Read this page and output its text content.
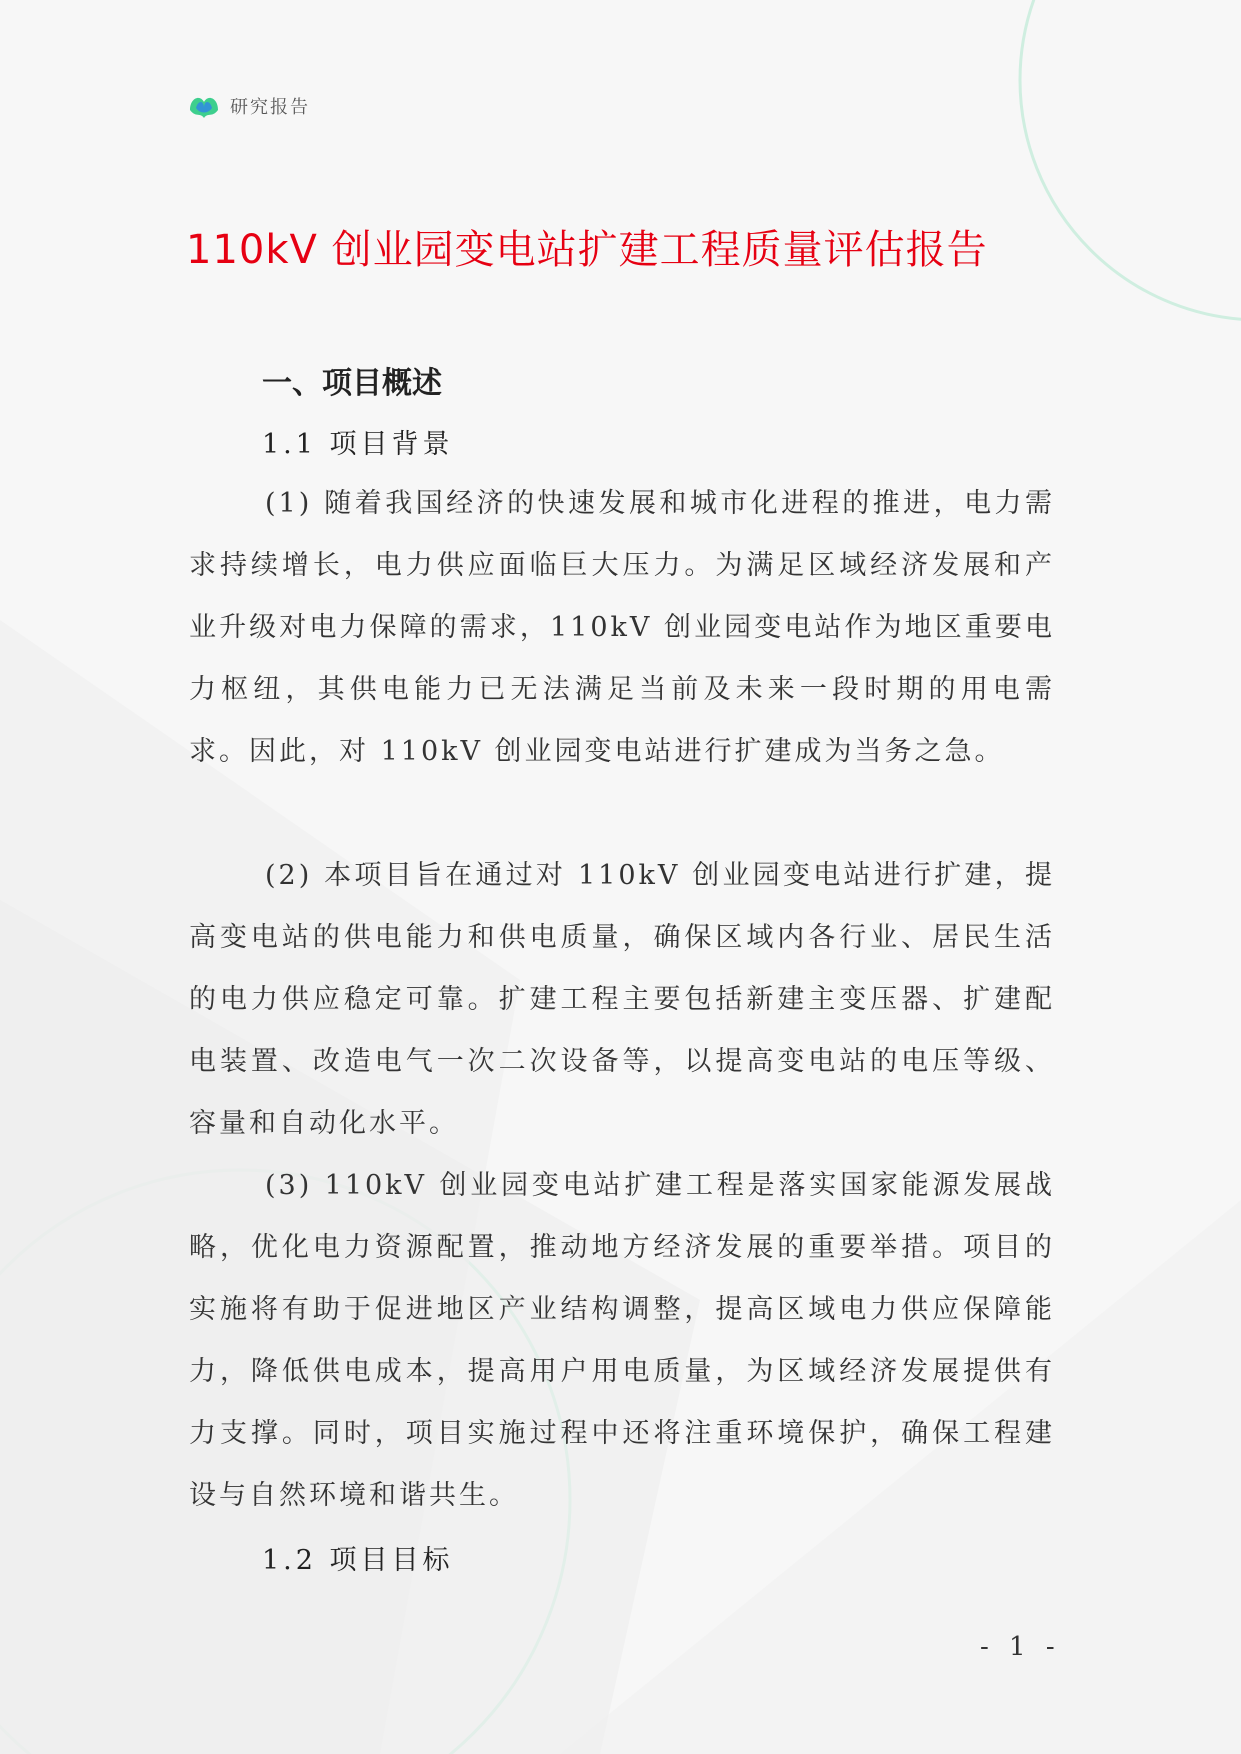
研究报告
110kV 创业园变电站扩建工程质量评估报告
一、项目概述
1.1 项目背景
(1) 随着我国经济的快速发展和城市化进程的推进，电力需求持续增长，电力供应面临巨大压力。为满足区域经济发展和产业升级对电力保障的需求，110kV 创业园变电站作为地区重要电力枢纽，其供电能力已无法满足当前及未来一段时期的用电需求。因此，对 110kV 创业园变电站进行扩建成为当务之急。
(2) 本项目旨在通过对 110kV 创业园变电站进行扩建，提高变电站的供电能力和供电质量，确保区域内各行业、居民生活的电力供应稳定可靠。扩建工程主要包括新建主变压器、扩建配电装置、改造电气一次二次设备等，以提高变电站的电压等级、容量和自动化水平。
(3) 110kV 创业园变电站扩建工程是落实国家能源发展战略，优化电力资源配置，推动地方经济发展的重要举措。项目的实施将有助于促进地区产业结构调整，提高区域电力供应保障能力，降低供电成本，提高用户用电质量，为区域经济发展提供有力支撑。同时，项目实施过程中还将注重环境保护，确保工程建设与自然环境和谐共生。
1.2 项目目标
- 1 -
